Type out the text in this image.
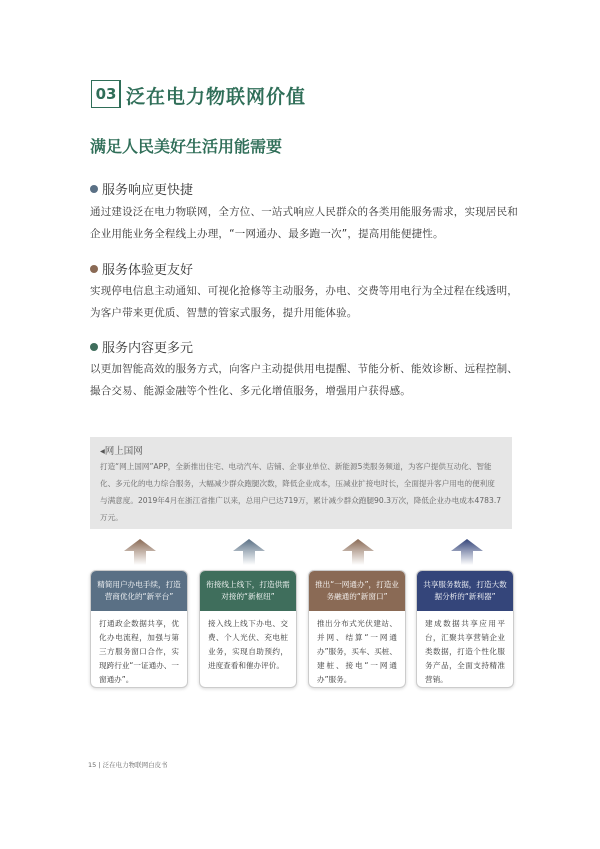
03 泛在电力物联网价值
满足人民美好生活用能需要
服务响应更快捷
通过建设泛在电力物联网，全方位、一站式响应人民群众的各类用能服务需求，实现居民和企业用能业务全程线上办理，“一网通办、最多跑一次”，提高用能便捷性。
服务体验更友好
实现停电信息主动通知、可视化抢修等主动服务，办电、交费等用电行为全过程在线透明，为客户带来更优质、智慧的管家式服务，提升用能体验。
服务内容更多元
以更加智能高效的服务方式，向客户主动提供用电提醒、节能分析、能效诊断、远程控制、撮合交易、能源金融等个性化、多元化增值服务，增强用户获得感。
◂网上国网
打造“网上国网”APP，全新推出住宅、电动汽车、店铺、企事业单位、新能源5类服务频道，为客户提供互动化、智能化、多元化的电力综合服务，大幅减少群众跑腿次数，降低企业成本，压减业扩接电时长，全面提升客户用电的便利度与满意度。2019年4月在浙江省推广以来，总用户已达719万，累计减少群众跑腿90.3万次，降低企业办电成本4783.7万元。
精简用户办电手续，打造营商优化的“新平台”
打通政企数据共享，优化办电流程，加强与第三方服务窗口合作，实现跨行业“一证通办、一窗通办”。
衔接线上线下，打造供需对接的“新枢纽”
接入线上线下办电、交费、个人光伏、充电桩业务，实现自助预约，进度查看和催办评价。
推出“一网通办”，打造业务融通的“新窗口”
推出分布式光伏建站、并网、结算“一网通办”服务，买车、买桩、建桩、接电“一网通办”服务。
共享服务数据，打造大数据分析的“新利器”
建成数据共享应用平台，汇聚共享营销企业类数据，打造个性化服务产品，全面支持精准营销。
15 | 泛在电力物联网白皮书
